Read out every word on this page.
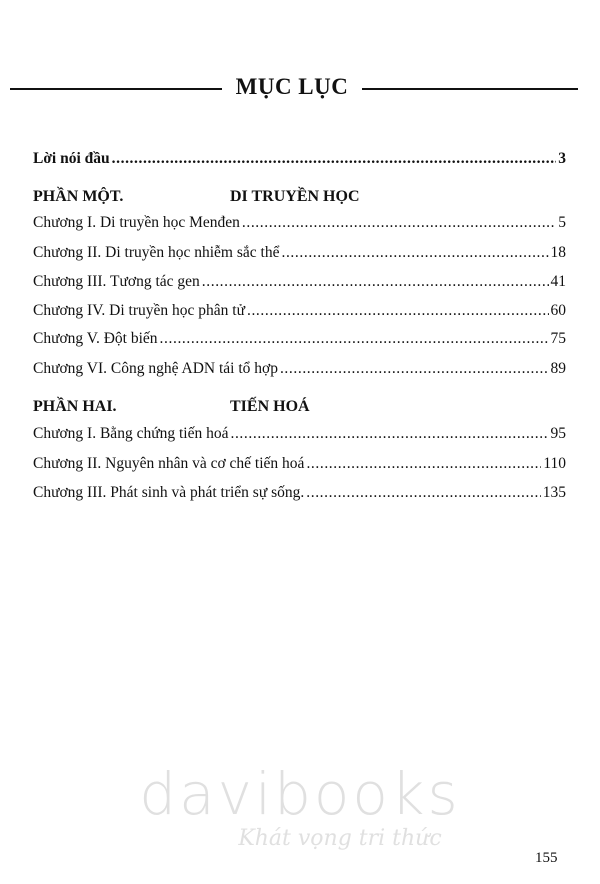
MỤC LỤC
Lời nói đầu .....	3
PHẦN MỘT.	DI TRUYỀN HỌC
Chương I. Di truyền học Menđen .....	5
Chương II. Di truyền học nhiễm sắc thể .....	18
Chương III. Tương tác gen .....	41
Chương IV. Di truyền học phân tử .....	60
Chương V. Đột biến .....	75
Chương VI. Công nghệ ADN tái tổ hợp .....	89
PHẦN HAI.	TIẾN HOÁ
Chương I. Bằng chứng tiến hoá .....	95
Chương II. Nguyên nhân và cơ chế tiến hoá .....	110
Chương III. Phát sinh và phát triển sự sống. .....	135
davibooks
Khát vọng tri thức
155
